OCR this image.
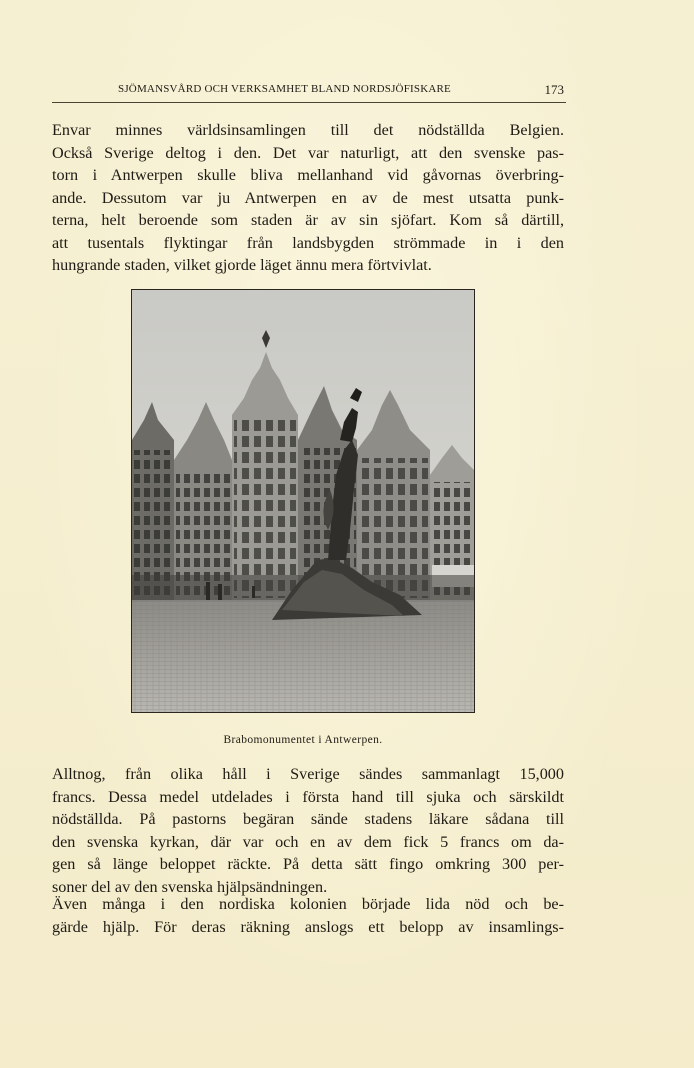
SJÖMANSVÅRD OCH VERKSAMHET BLAND NORDSJÖFISKARE	173
Envar minnes världsinsamlingen till det nödställda Belgien.
Också Sverige deltog i den. Det var naturligt, att den svenske pas-
torn i Antwerpen skulle bliva mellanhand vid gåvornas överbring-
ande. Dessutom var ju Antwerpen en av de mest utsatta punk-
terna, helt beroende som staden är av sin sjöfart. Kom så därtill,
att tusentals flyktingar från landsbygden strömmade in i den
hungrande staden, vilket gjorde läget ännu mera förtvivlat.
Brabomonumentet i Antwerpen.
Alltnog, från olika håll i Sverige sändes sammanlagt 15,000
francs. Dessa medel utdelades i första hand till sjuka och särskildt
nödställda. På pastorns begäran sände stadens läkare sådana till
den svenska kyrkan, där var och en av dem fick 5 francs om da-
gen så länge beloppet räckte. På detta sätt fingo omkring 300 per-
soner del av den svenska hjälpsändningen.
Även många i den nordiska kolonien började lida nöd och be-
gärde hjälp. För deras räkning anslogs ett belopp av insamlings-
